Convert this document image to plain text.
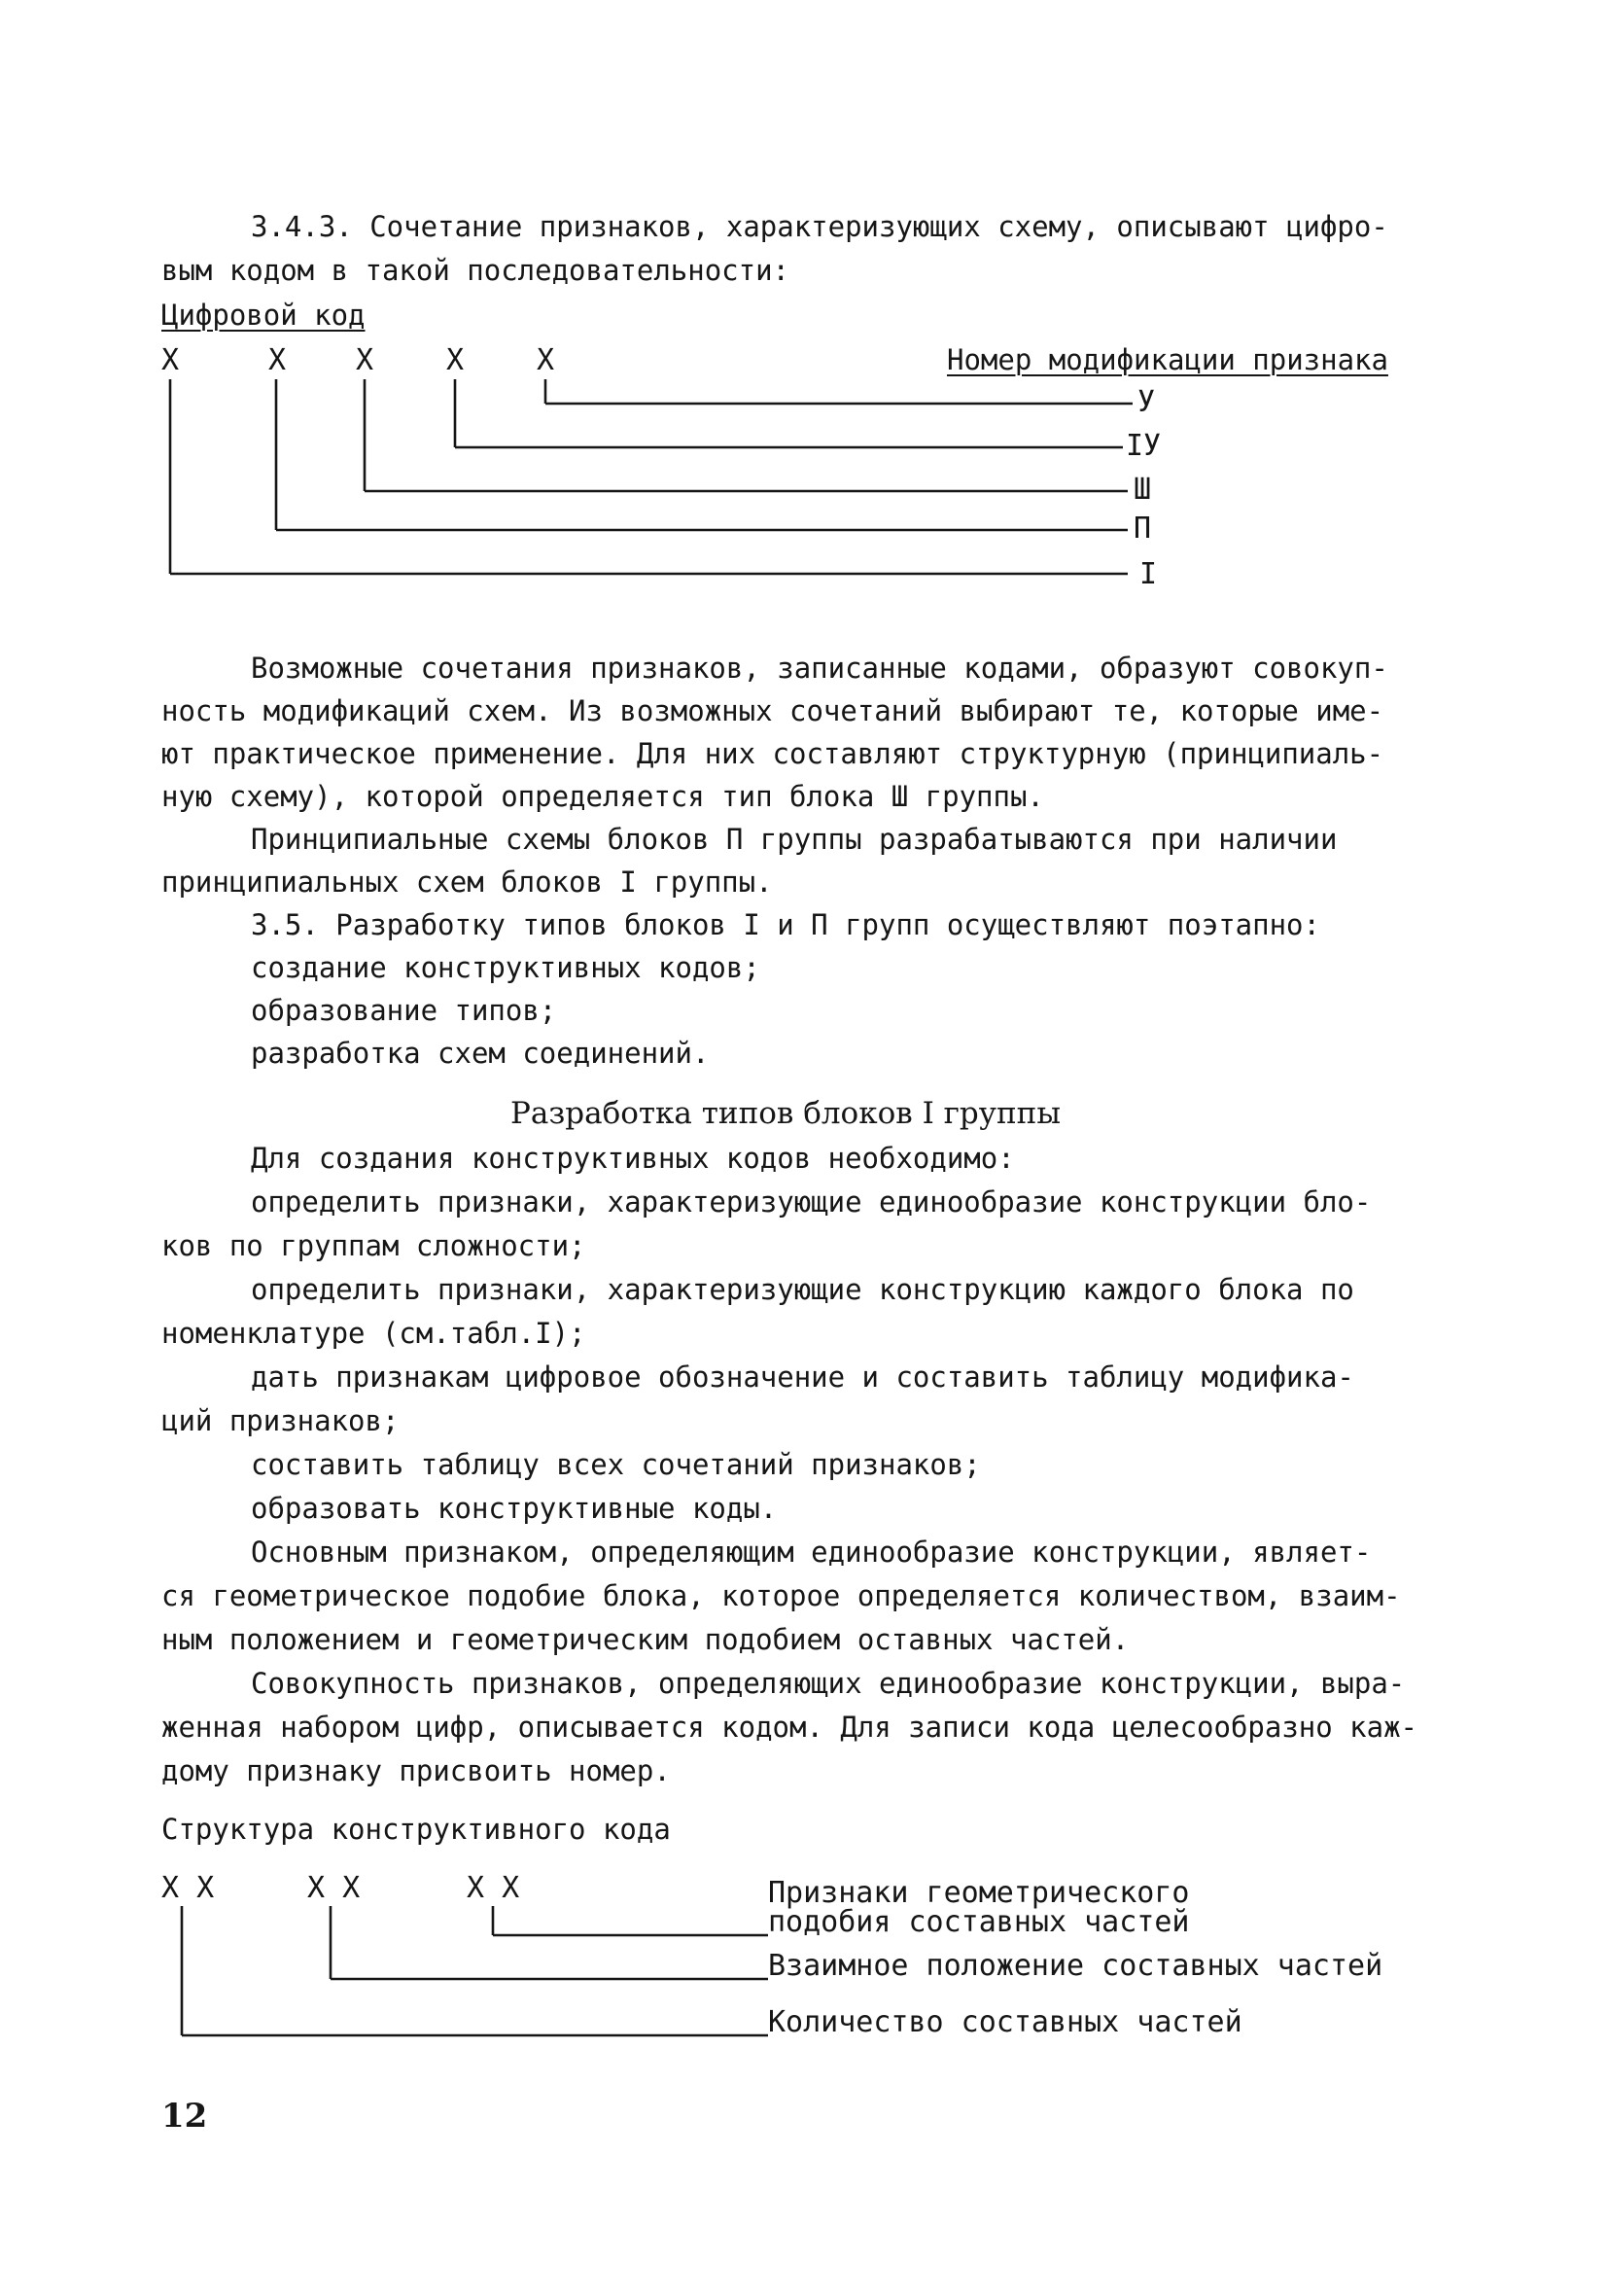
3.4.3. Сочетание признаков, характеризующих схему, описывают цифро-

вым кодом в такой последовательности:

Цифровой код

Номер модификации признака

X	X X X X
У
IУ
Ш
П
I

Возможные сочетания признаков, записанные кодами, образуют совокуп-

ность модификаций схем. Из возможных сочетаний выбирают те, которые име-

ют практическое применение. Для них составляют структурную (принципиаль-

ную схему), которой определяется тип блока Ш группы.

Принципиальные схемы блоков П группы разрабатываются при наличии

принципиальных схем блоков I группы.

3.5. Разработку типов блоков I и П групп осуществляют поэтапно:

создание конструктивных кодов;

образование типов;

разработка схем соединений.

Разработка типов блоков I группы

Для создания конструктивных кодов необходимо:

определить признаки, характеризующие единообразие конструкции бло-

ков по группам сложности;

определить признаки, характеризующие конструкцию каждого блока по

номенклатуре (см.табл.I);

дать признакам цифровое обозначение и составить таблицу модифика-

ций признаков;

составить таблицу всех сочетаний признаков;

образовать конструктивные коды.

Основным признаком, определяющим единообразие конструкции, являет-

ся геометрическое подобие блока, которое определяется количеством, взаим-

ным положением и геометрическим подобием оставных частей.

Совокупность признаков, определяющих единообразие конструкции, выра-

женная набором цифр, описывается кодом. Для записи кода целесообразно каж-

дому признаку присвоить номер.

Структура конструктивного кода

X X	X X	X X	Признаки геометрического
подобия составных частей
Взаимное положение составных частей
Количество составных частей
12
